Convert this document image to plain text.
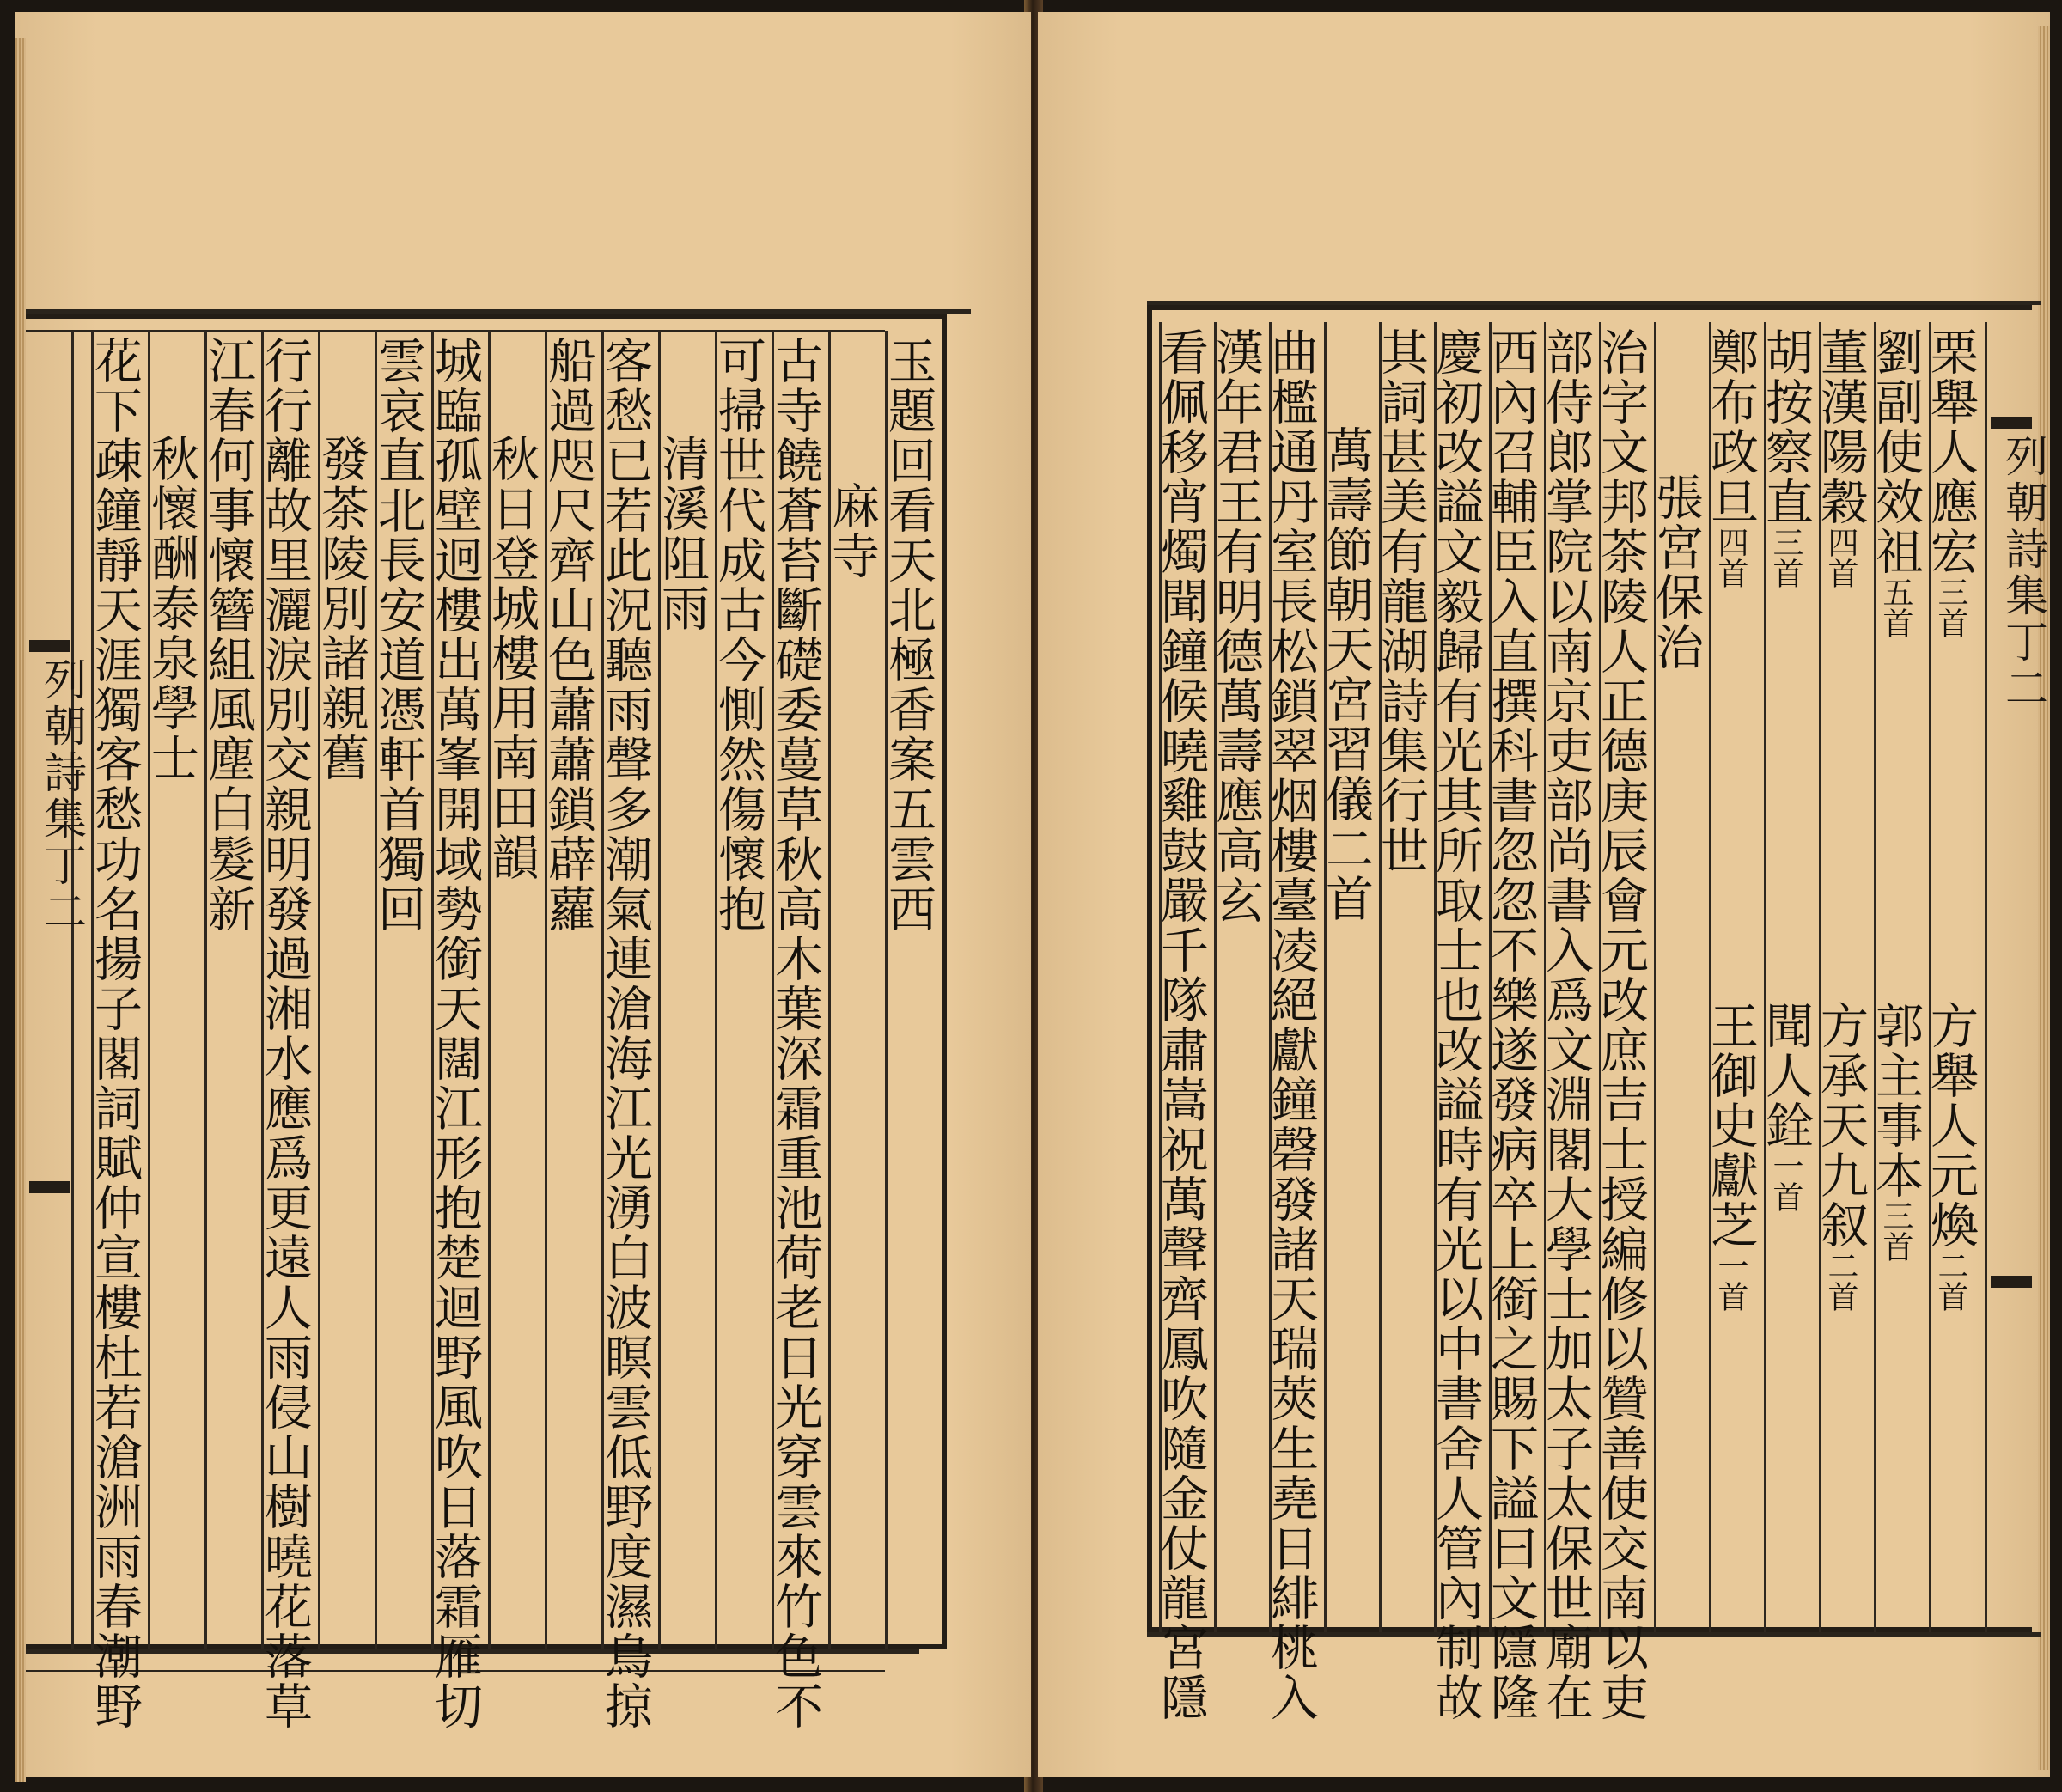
列朝詩集丁二	玉題回看天北極香案五雲西
麻寺
古寺饒蒼苔斷礎委蔓草秋高木葉深霜重池荷老日光穿雲來竹色不
可掃世代成古今惻然傷懷抱
清溪阻雨
客愁已若此況聽雨聲多潮氣連滄海江光湧白波瞑雲低野度濕鳥掠
船過咫尺齊山色蕭蕭鎖薜蘿
秋日登城樓用南田韻
城臨孤壁迥樓出萬峯開域勢銜天闊江形抱楚迴野風吹日落霜雁切
雲哀直北長安道憑軒首獨回
發茶陵別諸親舊
行行離故里灑淚別交親明發過湘水應爲更遠人雨侵山樹曉花落草
江春何事懷簪組風塵白髮新
秋懷酬泰泉學士
花下疎鐘靜天涯獨客愁功名揚子閣詞賦仲宣樓杜若滄洲雨春潮野	列朝詩集丁二
栗舉人應宏三首
方舉人元煥二首
劉副使效祖五首
郭主事本三首
董漢陽穀四首
方承天九叙二首
胡按察直三首
聞人銓一首
鄭布政旦四首
王御史獻芝一首
張宮保治
治字文邦茶陵人正德庚辰會元改庶吉士授編修以贊善使交南以吏
部侍郎掌院以南京吏部尚書入爲文淵閣大學士加太子太保世廟在
西內召輔臣入直撰科書忽忽不樂遂發病卒上銜之賜下謚曰文隱隆
慶初改謚文毅歸有光其所取士也改謚時有光以中書舍人管內制故
其詞甚美有龍湖詩集行世
萬壽節朝天宮習儀二首
曲檻通丹室長松鎖翠烟樓臺凌絕獻鐘磬發諸天瑞莢生堯日緋桃入
漢年君王有明德萬壽應高玄
看佩移宵燭聞鐘候曉雞鼓嚴千隊肅嵩祝萬聲齊鳳吹隨金仗龍宮隱
